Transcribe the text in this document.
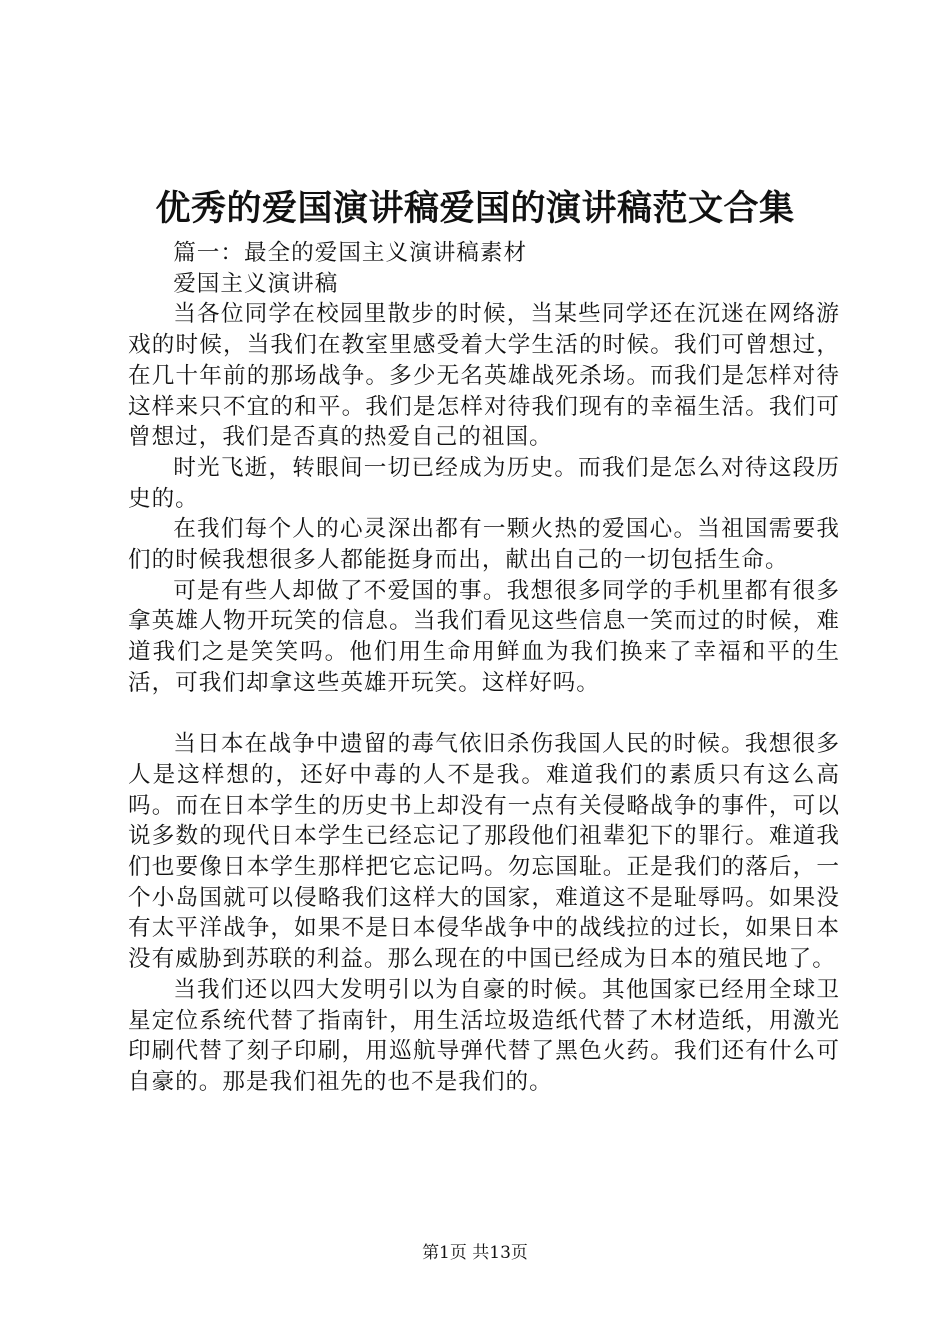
优秀的爱国演讲稿爱国的演讲稿范文合集

篇一：最全的爱国主义演讲稿素材

爱国主义演讲稿

当各位同学在校园里散步的时候，当某些同学还在沉迷在网络游戏的时候，当我们在教室里感受着大学生活的时候。我们可曾想过，在几十年前的那场战争。多少无名英雄战死杀场。而我们是怎样对待这样来只不宜的和平。我们是怎样对待我们现有的幸福生活。我们可曾想过，我们是否真的热爱自己的祖国。

时光飞逝，转眼间一切已经成为历史。而我们是怎么对待这段历史的。

在我们每个人的心灵深出都有一颗火热的爱国心。当祖国需要我们的时候我想很多人都能挺身而出，献出自己的一切包括生命。

可是有些人却做了不爱国的事。我想很多同学的手机里都有很多拿英雄人物开玩笑的信息。当我们看见这些信息一笑而过的时候，难道我们之是笑笑吗。他们用生命用鲜血为我们换来了幸福和平的生活，可我们却拿这些英雄开玩笑。这样好吗。

当日本在战争中遗留的毒气依旧杀伤我国人民的时候。我想很多人是这样想的，还好中毒的人不是我。难道我们的素质只有这么高吗。而在日本学生的历史书上却没有一点有关侵略战争的事件，可以说多数的现代日本学生已经忘记了那段他们祖辈犯下的罪行。难道我们也要像日本学生那样把它忘记吗。勿忘国耻。正是我们的落后，一个小岛国就可以侵略我们这样大的国家，难道这不是耻辱吗。如果没有太平洋战争，如果不是日本侵华战争中的战线拉的过长，如果日本没有威胁到苏联的利益。那么现在的中国已经成为日本的殖民地了。

当我们还以四大发明引以为自豪的时候。其他国家已经用全球卫星定位系统代替了指南针，用生活垃圾造纸代替了木材造纸，用激光印刷代替了刻子印刷，用巡航导弹代替了黑色火药。我们还有什么可自豪的。那是我们祖先的也不是我们的。

第1页 共13页
